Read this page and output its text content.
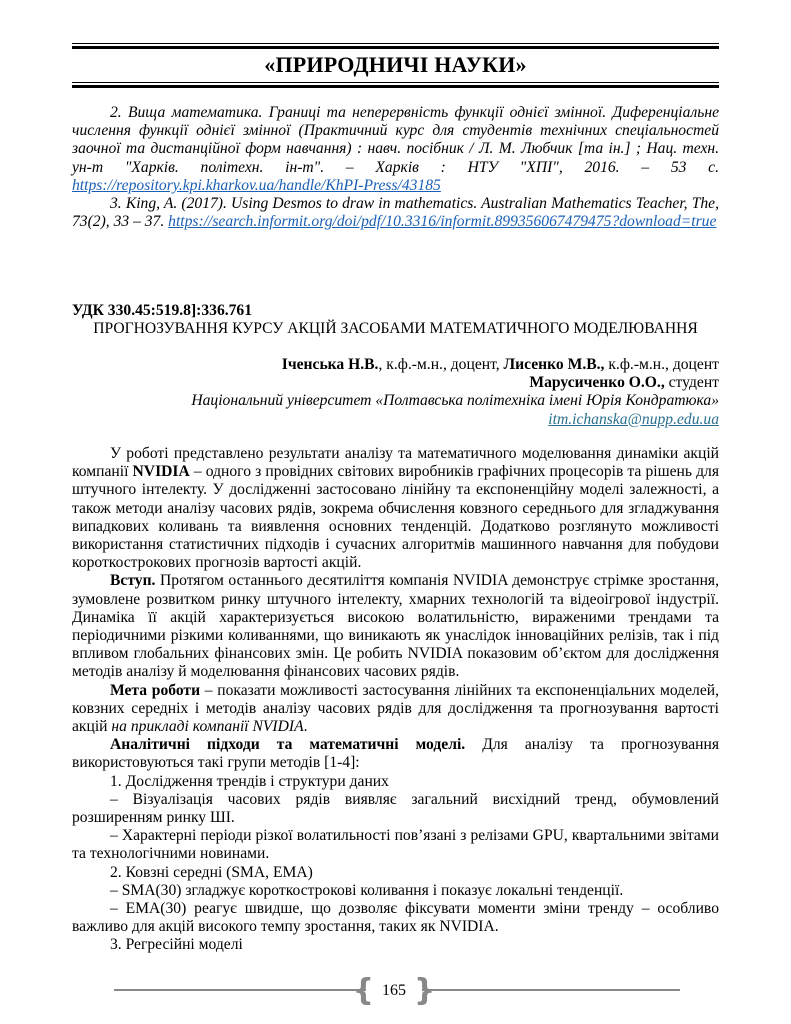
«ПРИРОДНИЧІ НАУКИ»

2. Вища математика. Границі та неперервність функції однієї змінної. Диференціальне числення функції однієї змінної (Практичний курс для студентів технічних спеціальностей заочної та дистанційної форм навчання) : навч. посібник / Л. М. Любчик [та ін.] ; Нац. техн. ун-т "Харків. політехн. ін-т". – Харків : НТУ "ХПІ", 2016. – 53 с. https://repository.kpi.kharkov.ua/handle/KhPI-Press/43185

3. King, A. (2017). Using Desmos to draw in mathematics. Australian Mathematics Teacher, The, 73(2), 33 – 37. https://search.informit.org/doi/pdf/10.3316/informit.899356067479475?download=true

УДК 330.45:519.8]:336.761
ПРОГНОЗУВАННЯ КУРСУ АКЦІЙ ЗАСОБАМИ МАТЕМАТИЧНОГО МОДЕЛЮВАННЯ
Іченська Н.В., к.ф.-м.н., доцент, Лисенко М.В., к.ф.-м.н., доцент
Марусиченко О.О., студент
Національний університет «Полтавська політехніка імені Юрія Кондратюка»
itm.ichanska@nupp.edu.ua

У роботі представлено результати аналізу та математичного моделювання динаміки акцій компанії NVIDIA – одного з провідних світових виробників графічних процесорів та рішень для штучного інтелекту. У дослідженні застосовано лінійну та експоненційну моделі залежності, а також методи аналізу часових рядів, зокрема обчислення ковзного середнього для згладжування випадкових коливань та виявлення основних тенденцій. Додатково розглянуто можливості використання статистичних підходів і сучасних алгоритмів машинного навчання для побудови короткострокових прогнозів вартості акцій.

Вступ. Протягом останнього десятиліття компанія NVIDIA демонструє стрімке зростання, зумовлене розвитком ринку штучного інтелекту, хмарних технологій та відеоігрової індустрії. Динаміка її акцій характеризується високою волатильністю, вираженими трендами та періодичними різкими коливаннями, що виникають як унаслідок інноваційних релізів, так і під впливом глобальних фінансових змін. Це робить NVIDIA показовим об’єктом для дослідження методів аналізу й моделювання фінансових часових рядів.

Мета роботи – показати можливості застосування лінійних та експоненціальних моделей, ковзних середніх і методів аналізу часових рядів для дослідження та прогнозування вартості акцій на прикладі компанії NVIDIA.

Аналітичні підходи та математичні моделі. Для аналізу та прогнозування використовуються такі групи методів [1-4]:

1. Дослідження трендів і структури даних

– Візуалізація часових рядів виявляє загальний висхідний тренд, обумовлений розширенням ринку ШІ.

– Характерні періоди різкої волатильності пов’язані з релізами GPU, квартальними звітами та технологічними новинами.

2. Ковзні середні (SMA, EMA)

– SMA(30) згладжує короткострокові коливання і показує локальні тенденції.

– EMA(30) реагує швидше, що дозволяє фіксувати моменти зміни тренду – особливо важливо для акцій високого темпу зростання, таких як NVIDIA.

3. Регресійні моделі

{ 165 }
